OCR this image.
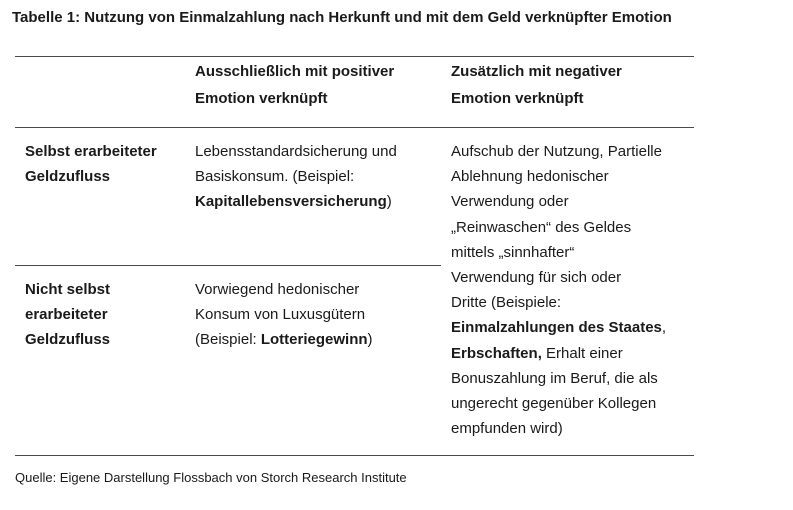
Tabelle 1: Nutzung von Einmalzahlung nach Herkunft und mit dem Geld verknüpfter Emotion
Ausschließlich mit positiver
Emotion verknüpft
Zusätzlich mit negativer
Emotion verknüpft
Selbst erarbeiteter
Geldzufluss
Lebensstandardsicherung und
Basiskonsum. (Beispiel:
Kapitallebensversicherung)
Nicht selbst
erarbeiteter
Geldzufluss
Vorwiegend hedonischer
Konsum von Luxusgütern
(Beispiel: Lotteriegewinn)
Aufschub der Nutzung, Partielle
Ablehnung hedonischer
Verwendung oder
„Reinwaschen“ des Geldes
mittels „sinnhafter“
Verwendung für sich oder
Dritte (Beispiele:
Einmalzahlungen des Staates,
Erbschaften, Erhalt einer
Bonuszahlung im Beruf, die als
ungerecht gegenüber Kollegen
empfunden wird)
Quelle: Eigene Darstellung Flossbach von Storch Research Institute
